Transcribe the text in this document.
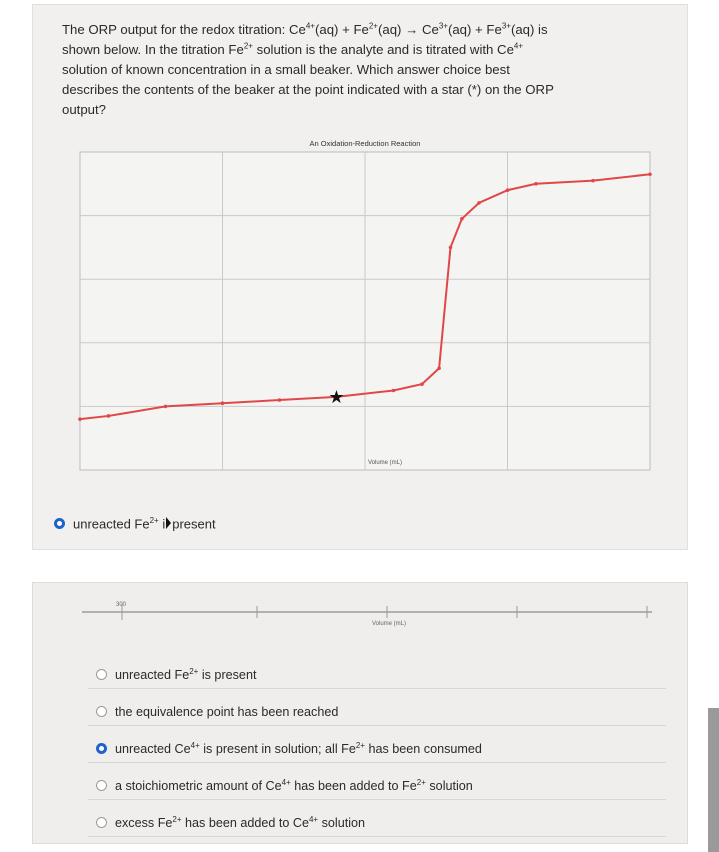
The ORP output for the redox titration: $Ce^{4+}(aq) + Fe^{2+}(aq) \to Ce^{3+}(aq) + Fe^{3+}(aq)$ is
shown below. In the titration $Fe^{2+}$ solution is the analyte and is titrated with $Ce^{4+}$
solution of known concentration in a small beaker. Which answer choice best
describes the contents of the beaker at the point indicated with a star (*) on the ORP
output?
An Oxidation-Reduction Reaction
Volume (mL)
★
unreacted $Fe^{2+}$ i present
300
Volume (mL)
unreacted $Fe^{2+}$ is present
the equivalence point has been reached
unreacted $Ce^{4+}$ is present in solution; all $Fe^{2+}$ has been consumed
a stoichiometric amount of $Ce^{4+}$ has been added to $Fe^{2+}$ solution
excess $Fe^{2+}$ has been added to $Ce^{4+}$ solution
